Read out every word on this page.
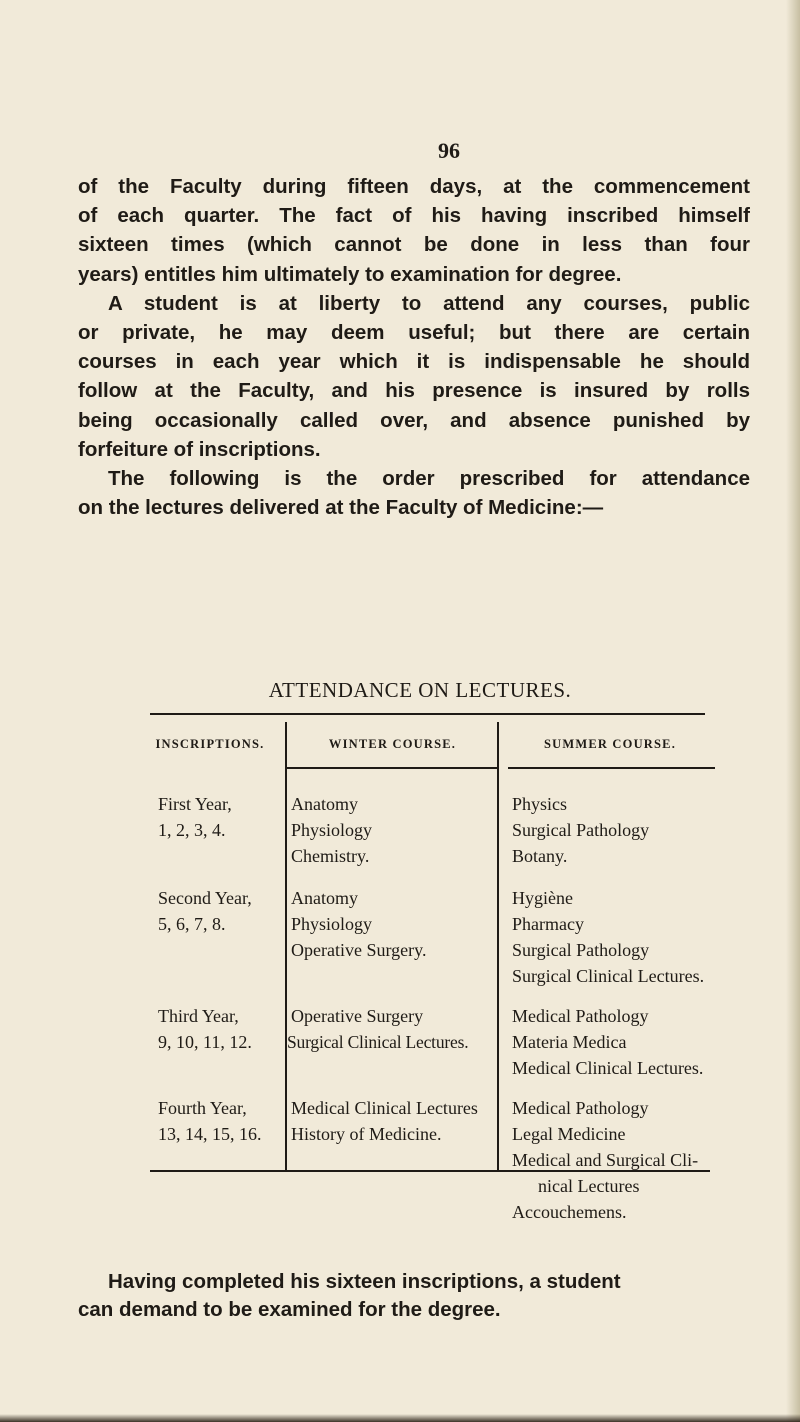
96

of the Faculty during fifteen days, at the commencement

of each quarter. The fact of his having inscribed himself

sixteen times (which cannot be done in less than four

years) entitles him ultimately to examination for degree.

A student is at liberty to attend any courses, public

or private, he may deem useful; but there are certain

courses in each year which it is indispensable he should

follow at the Faculty, and his presence is insured by rolls

being occasionally called over, and absence punished by

forfeiture of inscriptions.

The following is the order prescribed for attendance

on the lectures delivered at the Faculty of Medicine:—

ATTENDANCE ON LECTURES.
INSCRIPTIONS.	WINTER COURSE.	SUMMER COURSE.
First Year,
1, 2, 3, 4.
Anatomy
Physiology
Chemistry.
Physics
Surgical Pathology
Botany.
Second Year,
5, 6, 7, 8.
Anatomy
Physiology
Operative Surgery.
Hygiène
Pharmacy
Surgical Pathology
Surgical Clinical Lectures.
Third Year,
9, 10, 11, 12.
Operative Surgery
Surgical Clinical Lectures.
Medical Pathology
Materia Medica
Medical Clinical Lectures.
Fourth Year,
13, 14, 15, 16.
Medical Clinical Lectures
History of Medicine.
Medical Pathology
Legal Medicine
Medical and Surgical Cli-
nical Lectures
Accouchemens.

Having completed his sixteen inscriptions, a student

can demand to be examined for the degree.
